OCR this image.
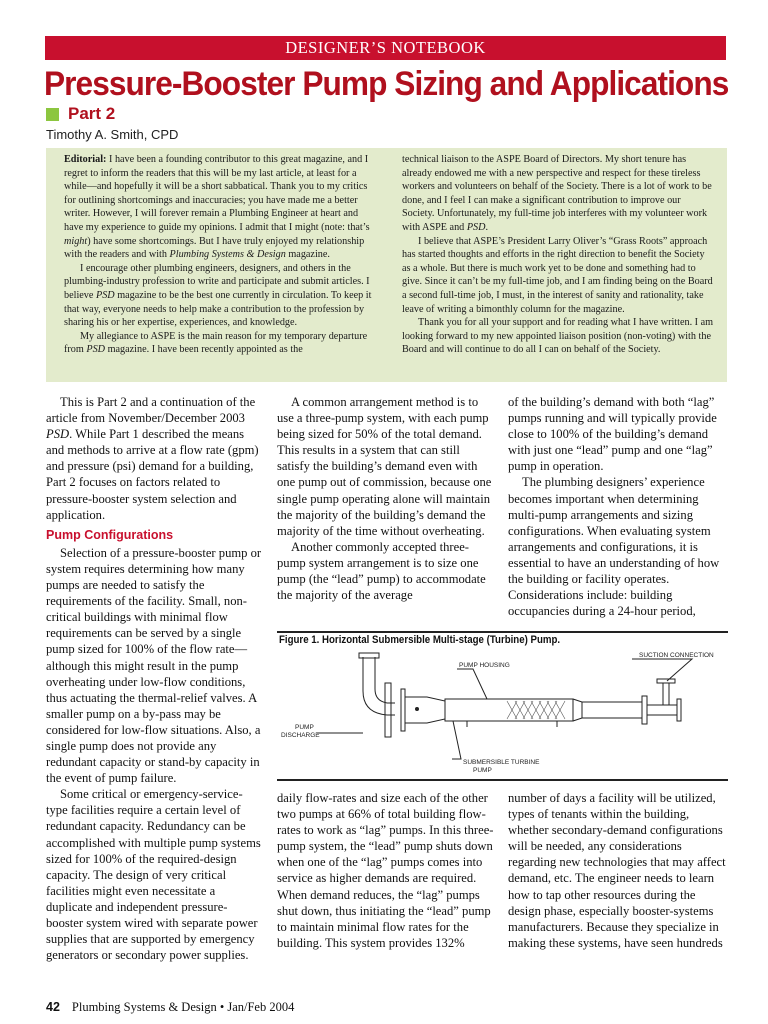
DESIGNER’S NOTEBOOK
Pressure-Booster Pump Sizing and Applications
Part 2
Timothy A. Smith, CPD

Editorial: I have been a founding contributor to this great magazine, and I regret to inform the readers that this will be my last article, at least for a while—and hopefully it will be a short sabbatical. Thank you to my critics for outlining shortcomings and inaccuracies; you have made me a better writer. However, I will forever remain a Plumbing Engineer at heart and have my experience to guide my opinions. I admit that I might (note: that’s might) have some shortcomings. But I have truly enjoyed my relationship with the readers and with Plumbing Systems & Design magazine.

I encourage other plumbing engineers, designers, and others in the plumbing-industry profession to write and participate and submit articles. I believe PSD magazine to be the best one currently in circulation. To keep it that way, everyone needs to help make a contribution to the profession by sharing his or her expertise, experiences, and knowledge.

My allegiance to ASPE is the main reason for my temporary departure from PSD magazine. I have been recently appointed as the

technical liaison to the ASPE Board of Directors. My short tenure has already endowed me with a new perspective and respect for these tireless workers and volunteers on behalf of the Society. There is a lot of work to be done, and I feel I can make a significant contribution to improve our Society. Unfortunately, my full-time job interferes with my volunteer work with ASPE and PSD.

I believe that ASPE’s President Larry Oliver’s “Grass Roots” approach has started thoughts and efforts in the right direction to benefit the Society as a whole. But there is much work yet to be done and something had to give. Since it can’t be my full-time job, and I am finding being on the Board a second full-time job, I must, in the interest of sanity and rationality, take leave of writing a bimonthly column for the magazine.

Thank you for all your support and for reading what I have written. I am looking forward to my new appointed liaison position (non-voting) with the Board and will continue to do all I can on behalf of the Society.

This is Part 2 and a continuation of the article from November/December 2003 PSD. While Part 1 described the means and methods to arrive at a flow rate (gpm) and pressure (psi) demand for a building, Part 2 focuses on factors related to pressure-booster system selection and application.

Pump Configurations

Selection of a pressure-booster pump or system requires determining how many pumps are needed to satisfy the requirements of the facility. Small, noncritical buildings with minimal flow requirements can be served by a single pump sized for 100% of the flow rate—although this might result in the pump overheating under low-flow conditions, thus actuating the thermal-relief valves. A smaller pump on a by-pass may be considered for low-flow situations. Also, a single pump does not provide any redundant capacity or stand-by capacity in the event of pump failure.

Some critical or emergency-service-type facilities require a certain level of redundant capacity. Redundancy can be accomplished with multiple pump systems sized for 100% of the required-design capacity. The design of very critical facilities might even necessitate a duplicate and independent pressure-booster system wired with separate power supplies that are supported by emergency generators or secondary power supplies.

A common arrangement method is to use a three-pump system, with each pump being sized for 50% of the total demand. This results in a system that can still satisfy the building’s demand even with one pump out of commission, because one single pump operating alone will maintain the majority of the building’s demand the majority of the time without overheating.

Another commonly accepted three-pump system arrangement is to size one pump (the “lead” pump) to accommodate the majority of the average

of the building’s demand with both “lag” pumps running and will typically provide close to 100% of the building’s demand with just one “lead” pump and one “lag” pump in operation.

The plumbing designers’ experience becomes important when determining multi-pump arrangements and sizing configurations. When evaluating system arrangements and configurations, it is essential to have an understanding of how the building or facility operates. Considerations include: building occupancies during a 24-hour period,

Figure 1. Horizontal Submersible Multi-stage (Turbine) Pump.
PUMP HOUSING
SUCTION CONNECTION
PUMP
DISCHARGE
SUBMERSIBLE TURBINE
PUMP

daily flow-rates and size each of the other two pumps at 66% of total building flow-rates to work as “lag” pumps. In this three-pump system, the “lead” pump shuts down when one of the “lag” pumps comes into service as higher demands are required. When demand reduces, the “lag” pumps shut down, thus initiating the “lead” pump to maintain minimal flow rates for the building. This system provides 132%

number of days a facility will be utilized, types of tenants within the building, whether secondary-demand configurations will be needed, any considerations regarding new technologies that may affect demand, etc. The engineer needs to learn how to tap other resources during the design phase, especially booster-systems manufacturers. Because they specialize in making these systems, have seen hundreds

42 Plumbing Systems & Design • Jan/Feb 2004
